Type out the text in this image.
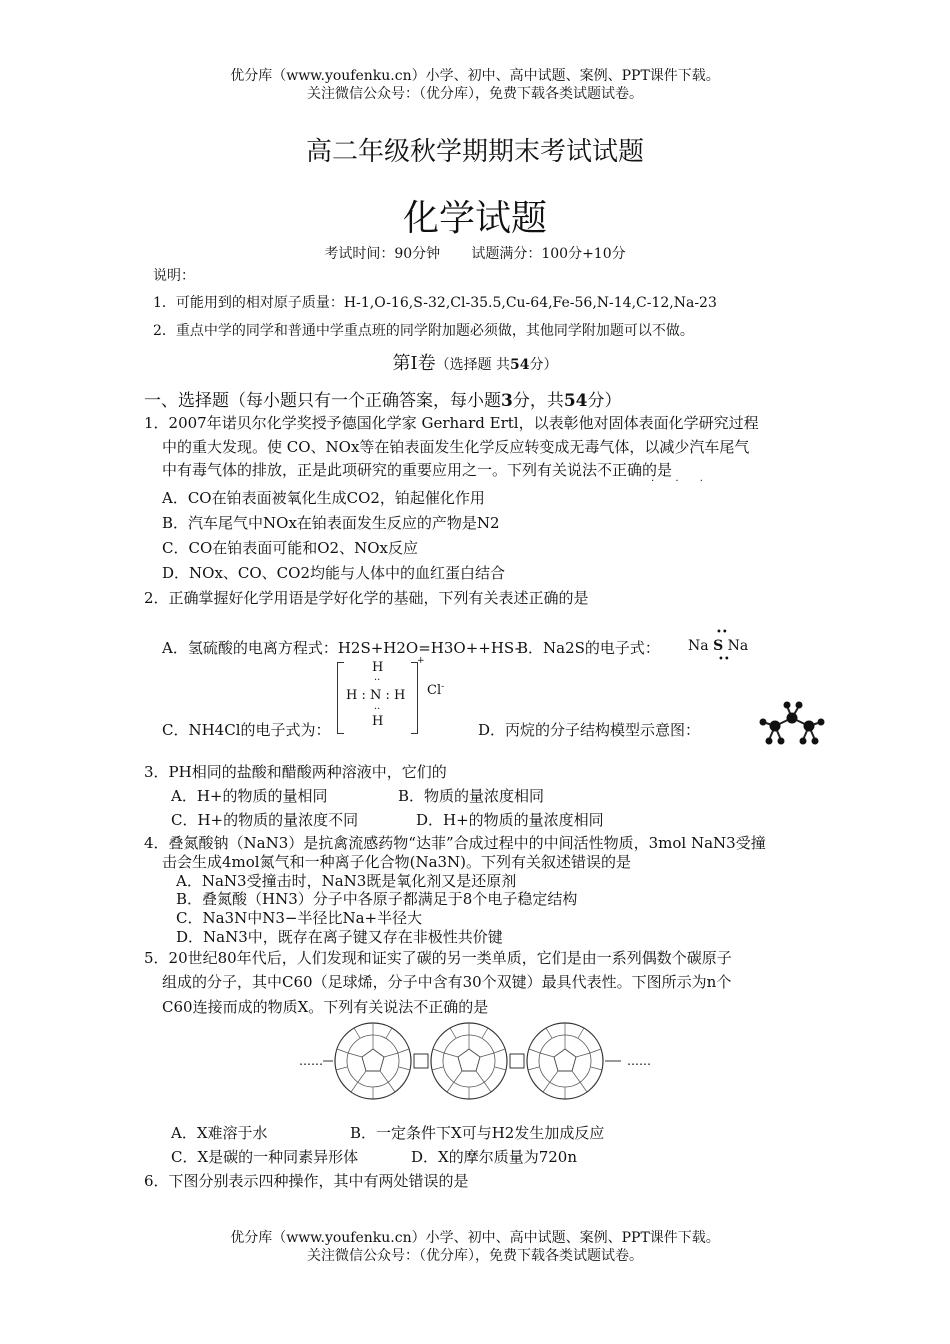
优分库（www.youfenku.cn）小学、初中、高中试题、案例、PPT课件下载。
关注微信公众号：（优分库），免费下载各类试题试卷。
高二年级秋学期期末考试试题
化学试题
考试时间：90分钟 试题满分：100分+10分
说明：
1．可能用到的相对原子质量：H-1,O-16,S-32,Cl-35.5,Cu-64,Fe-56,N-14,C-12,Na-23
2．重点中学的同学和普通中学重点班的同学附加题必须做，其他同学附加题可以不做。
第Ⅰ卷（选择题 共54分）
一、选择题（每小题只有一个正确答案，每小题3分，共54分）
1．2007年诺贝尔化学奖授予德国化学家 Gerhard Ertl，以表彰他对固体表面化学研究过程
中的重大发现。使 CO、NOx等在铂表面发生化学反应转变成无毒气体，以减少汽车尾气
中有毒气体的排放，正是此项研究的重要应用之一。下列有关说法不正确的是
· · ·
A．CO在铂表面被氧化生成CO2，铂起催化作用
B．汽车尾气中NOx在铂表面发生反应的产物是N2
C．CO在铂表面可能和O2、NOx反应
D．NOx、CO、CO2均能与人体中的血红蛋白结合
2．正确掌握好化学用语是学好化学的基础，下列有关表述正确的是
A．氢硫酸的电离方程式：H2S+H2O=H3O++HS-
B．Na2S的电子式： Na S Na
••
••
C．NH4Cl的电子式为：
H
··
H : N : H
··
H
+
Cl-
D．丙烷的分子结构模型示意图：
3．PH相同的盐酸和醋酸两种溶液中，它们的
A．H+的物质的量相同	B．物质的量浓度相同
C．H+的物质的量浓度不同	D．H+的物质的量浓度相同
4．叠氮酸钠（NaN3）是抗禽流感药物“达菲”合成过程中的中间活性物质，3mol NaN3受撞
击会生成4mol氮气和一种离子化合物(Na3N)。下列有关叙述错误的是
A．NaN3受撞击时，NaN3既是氧化剂又是还原剂
B．叠氮酸（HN3）分子中各原子都满足于8个电子稳定结构
C．Na3N中N3−半径比Na+半径大
D．NaN3中，既存在离子键又存在非极性共价键
5．20世纪80年代后，人们发现和证实了碳的另一类单质，它们是由一系列偶数个碳原子
组成的分子，其中C60（足球烯，分子中含有30个双键）最具代表性。下图所示为n个
C60连接而成的物质X。下列有关说法不正确的是
……	……
A．X难溶于水	B．一定条件下X可与H2发生加成反应
C．X是碳的一种同素异形体	D．X的摩尔质量为720n
6．下图分别表示四种操作，其中有两处错误的是
优分库（www.youfenku.cn）小学、初中、高中试题、案例、PPT课件下载。
关注微信公众号：（优分库），免费下载各类试题试卷。
